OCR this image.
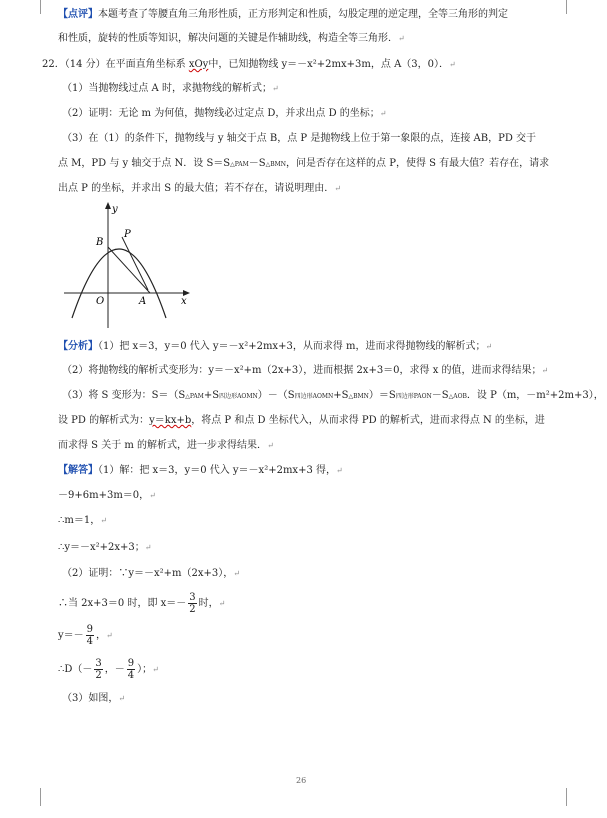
【点评】本题考查了等腰直角三角形性质，正方形判定和性质，勾股定理的逆定理，全等三角形的判定
和性质，旋转的性质等知识，解决问题的关键是作辅助线，构造全等三角形．↵
22．（14 分）在平面直角坐标系 xOy中，已知抛物线 y＝－x²+2mx+3m，点 A（3，0）．↵
（1）当抛物线过点 A 时，求抛物线的解析式；↵
（2）证明：无论 m 为何值，抛物线必过定点 D，并求出点 D 的坐标；↵
（3）在（1）的条件下，抛物线与 y 轴交于点 B，点 P 是抛物线上位于第一象限的点，连接 AB，PD 交于
点 M，PD 与 y 轴交于点 N．设 S＝S△PAM－S△BMN，问是否存在这样的点 P，使得 S 有最大值？若存在，请求
出点 P 的坐标，并求出 S 的最大值；若不存在，请说明理由．↵
y
x
B
P
O	A
【分析】（1）把 x＝3，y＝0 代入 y＝－x²+2mx+3，从而求得 m，进而求得抛物线的解析式；↵
（2）将抛物线的解析式变形为：y＝－x²+m（2x+3），进而根据 2x+3＝0，求得 x 的值，进而求得结果；↵
（3）将 S 变形为：S＝（S△PAM+S四边形AOMN）－（S四边形AOMN+S△BMN）＝S四边形PAON－S△AOB．设 P（m，－m²+2m+3），
设 PD 的解析式为：y＝kx+b，将点 P 和点 D 坐标代入，从而求得 PD 的解析式，进而求得点 N 的坐标，进
而求得 S 关于 m 的解析式，进一步求得结果．↵
【解答】（1）解：把 x＝3，y＝0 代入 y＝－x²+2mx+3 得，↵
－9+6m+3m＝0，↵
∴m＝1，↵
∴y＝－x²+2x+3；↵
（2）证明：∵y＝－x²+m（2x+3），↵
∴当 2x+3＝0 时，即 $x=- \frac{3}{2}$ 时，↵
$y=- \frac{9}{4}$ ，↵
∴D（－ $\frac{3}{2}$ ，－ $\frac{9}{4}$ ）；↵
（3）如图，↵
26
